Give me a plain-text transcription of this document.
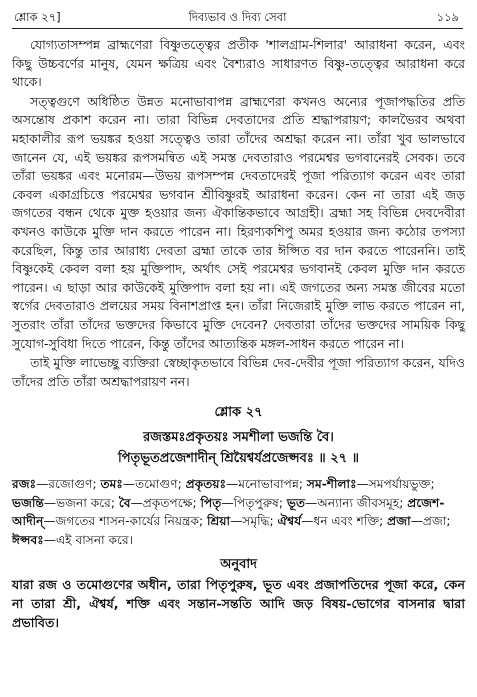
শ্লোক ২৭]	দিব্যভাব ও দিব্য সেবা	১১৯

যোগ্যতাসম্পন্ন ব্রাহ্মণেরা বিষ্ণুতত্ত্বের প্রতীক 'শালগ্রাম-শিলার' আরাধনা করেন, এবং কিছু উচ্চবর্ণের মানুষ, যেমন ক্ষত্রিয় এবং বৈশ্যরাও সাধারণত বিষ্ণু-তত্ত্বের আরাধনা করে থাকে।

সত্ত্বগুণে অধিষ্ঠিত উন্নত মনোভাবাপন্ন ব্রাহ্মণেরা কখনও অন্যের পূজাপদ্ধতির প্রতি অসন্তোষ প্রকাশ করেন না। তারা বিভিন্ন দেবতাদের প্রতি শ্রদ্ধাপরায়ণ; কালভৈরব অথবা মহাকালীর রূপ ভয়ঙ্কর হওয়া সত্ত্বেও তারা তাঁদের অশ্রদ্ধা করেন না। তাঁরা খুব ভালভাবে জানেন যে, এই ভয়ঙ্কর রূপসমন্বিত এই সমস্ত দেবতারাও পরমেশ্বর ভগবানেরই সেবক। তবে তাঁরা ভয়ঙ্কর এবং মনোরম—উভয় রূপসম্পন্ন দেবতাদেরই পূজা পরিত্যাগ করেন এবং তারা কেবল একাগ্রচিত্তে পরমেশ্বর ভগবান শ্রীবিষ্ণুরই আরাধনা করেন। কেন না তারা এই জড় জগতের বন্ধন থেকে মুক্ত হওয়ার জন্য ঐকান্তিকভাবে আগ্রহী। ব্রহ্মা সহ বিভিন্ন দেবদেবীরা কখনও কাউকে মুক্তি দান করতে পারেন না। হিরণ্যকশিপু অমর হওয়ার জন্য কঠোর তপস্যা করেছিল, কিন্তু তার আরাধ্য দেবতা ব্রহ্মা তাকে তার ঈপ্সিত বর দান করতে পারেননি। তাই বিষ্ণুকেই কেবল বলা হয় মুক্তিপাদ, অর্থাৎ সেই পরমেশ্বর ভগবানই কেবল মুক্তি দান করতে পারেন। এ ছাড়া আর কাউকেই মুক্তিপাদ বলা হয় না। এই জগতের অন্য সমস্ত জীবের মতো স্বর্গের দেবতারাও প্রলয়ের সময় বিনাশপ্রাপ্ত হন। তাঁরা নিজেরাই মুক্তি লাভ করতে পারেন না, সুতরাং তাঁরা তাঁদের ভক্তদের কিভাবে মুক্তি দেবেন? দেবতারা তাঁদের ভক্তদের সাময়িক কিছু সুযোগ-সুবিধা দিতে পারেন, কিন্তু তাঁদের আত্যন্তিক মঙ্গল-সাধন করতে পারেন না।

তাই মুক্তি লাভেচ্ছু ব্যক্তিরা স্বেচ্ছাকৃতভাবে বিভিন্ন দেব-দেবীর পূজা পরিত্যাগ করেন, যদিও তাঁদের প্রতি তাঁরা অশ্রদ্ধাপরায়ণ নন।

শ্লোক ২৭
রজস্তমঃপ্রকৃতয়ঃ সমশীলা ভজন্তি বৈ।
পিতৃভূতপ্রজেশাদীন্ শ্রিয়ৈশ্বর্যপ্রজেপ্সবঃ ॥ ২৭ ॥
রজঃ—রজোগুণ; তমঃ—তমোগুণ; প্রকৃতয়ঃ—মনোভাবাপন্ন; সম-শীলাঃ—সমপর্যায়ভুক্ত; ভজন্তি—ভজনা করে; বৈ—প্রকৃতপক্ষে; পিতৃ—পিতৃপুরুষ; ভূত—অন্যান্য জীবসমূহ; প্রজেশ-আদীন্—জগতের শাসন-কার্যের নিয়ন্ত্রক; শ্রিয়া—সমৃদ্ধি; ঐশ্বর্য—ধন এবং শক্তি; প্রজা—প্রজা; ঈপ্সবঃ—এই বাসনা করে।
অনুবাদ

যারা রজ ও তমোগুণের অধীন, তারা পিতৃপুরুষ, ভূত এবং প্রজাপতিদের পূজা করে, কেন না তারা শ্রী, ঐশ্বর্য, শক্তি এবং সন্তান-সন্ততি আদি জড় বিষয়-ভোগের বাসনার দ্বারা প্রভাবিত।
